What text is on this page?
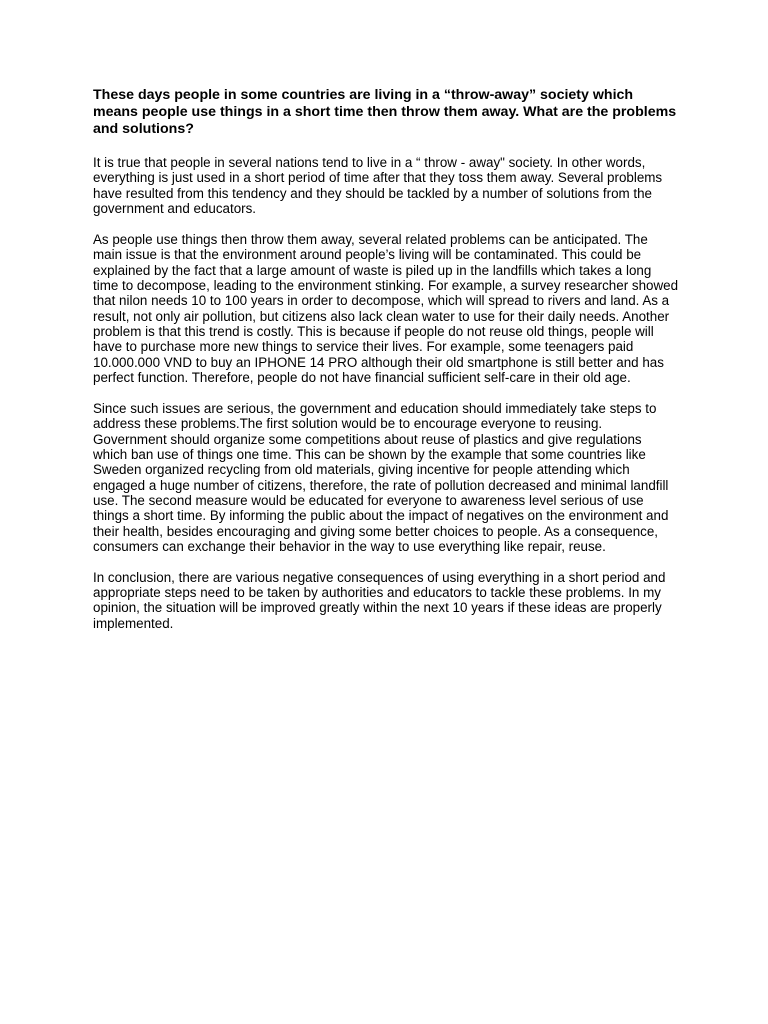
These days people in some countries are living in a “throw-away” society which means people use things in a short time then throw them away. What are the problems and solutions?
It is true that people in several nations tend to live in a “ throw - away" society. In other words, everything is just used in a short period of time after that they toss them away. Several problems have resulted from this tendency and they should be tackled by a number of solutions from the government and educators.
As people use things then throw them away, several related problems can be anticipated. The main issue is that the environment around people’s living will be contaminated. This could be explained by the fact that a large amount of waste is piled up in the landfills which takes a long time to decompose, leading to the environment stinking. For example, a survey researcher showed that nilon needs 10 to 100 years in order to decompose, which will spread to rivers and land. As a result, not only air pollution, but citizens also lack clean water to use for their daily needs. Another problem is that this trend is costly. This is because if people do not reuse old things, people will have to purchase more new things to service their lives. For example, some teenagers paid 10.000.000 VND to buy an IPHONE 14 PRO although their old smartphone is still better and has perfect function. Therefore, people do not have financial sufficient self-care in their old age.
Since such issues are serious, the government and education should immediately take steps to address these problems.The first solution would be to encourage everyone to reusing. Government should organize some competitions about reuse of plastics and give regulations which ban use of things one time. This can be shown by the example that some countries like Sweden organized recycling from old materials, giving incentive for people attending which engaged a huge number of citizens, therefore, the rate of pollution decreased and minimal landfill use. The second measure would be educated for everyone to awareness level serious of use things a short time. By informing the public about the impact of negatives on the environment and their health, besides encouraging and giving some better choices to people. As a consequence, consumers can exchange their behavior in the way to use everything like repair, reuse.
In conclusion, there are various negative consequences of using everything in a short period and appropriate steps need to be taken by authorities and educators to tackle these problems. In my opinion, the situation will be improved greatly within the next 10 years if these ideas are properly implemented.
